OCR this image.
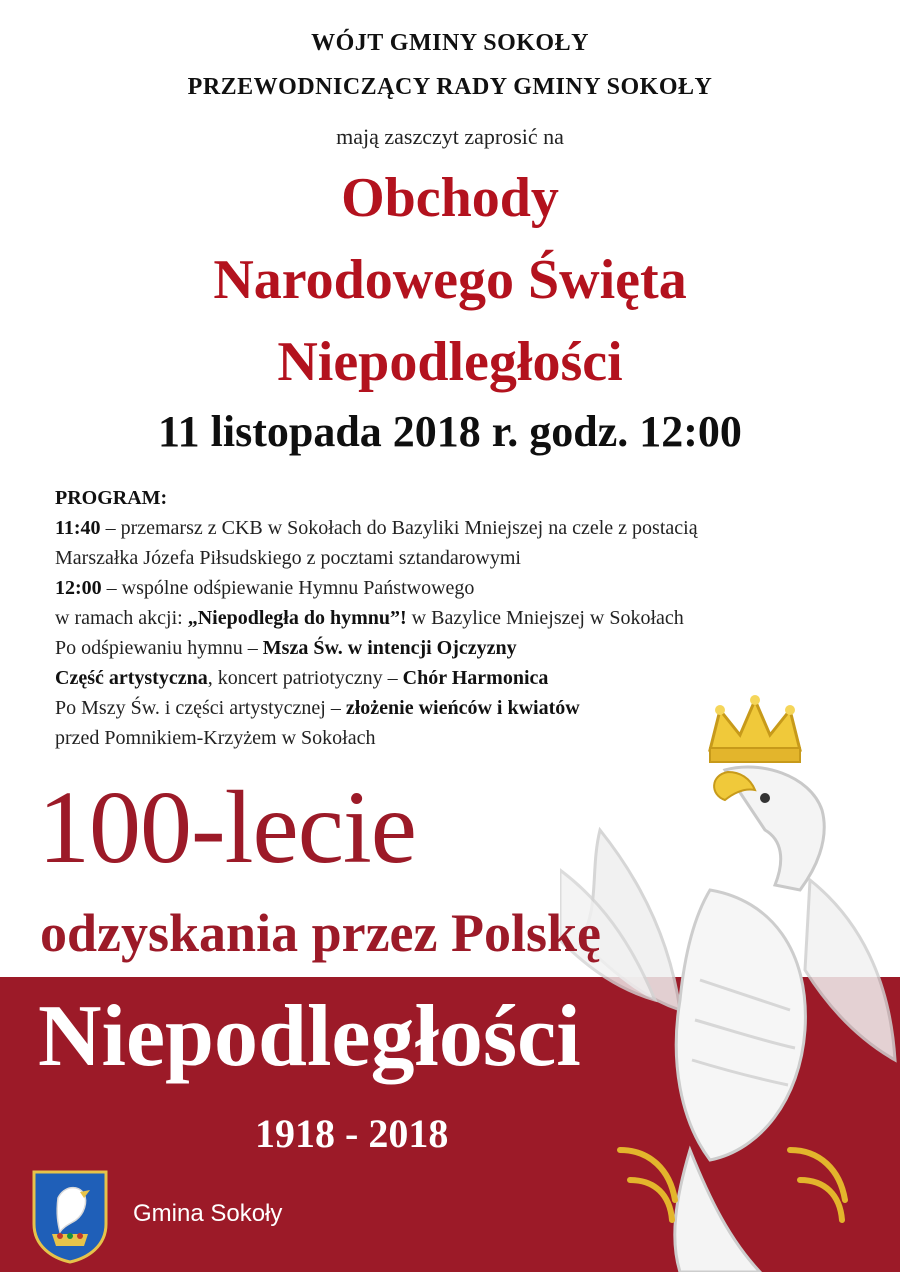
WÓJT GMINY SOKOŁY
PRZEWODNICZĄCY RADY GMINY SOKOŁY
mają zaszczyt zaprosić na
Obchody
Narodowego Święta
Niepodległości
11 listopada 2018 r. godz. 12:00
PROGRAM:
11:40 – przemarsz z CKB w Sokołach do Bazyliki Mniejszej na czele z postacią
Marszałka Józefa Piłsudskiego z pocztami sztandarowymi
12:00 – wspólne odśpiewanie Hymnu Państwowego
w ramach akcji: „Niepodległa do hymnu”! w Bazylice Mniejszej w Sokołach
Po odśpiewaniu hymnu – Msza Św. w intencji Ojczyzny
Część artystyczna, koncert patriotyczny – Chór Harmonica
Po Mszy Św. i części artystycznej – złożenie wieńców i kwiatów
przed Pomnikiem-Krzyżem w Sokołach
100-lecie
odzyskania przez Polskę
Niepodległości
1918 - 2018
Gmina Sokoły
